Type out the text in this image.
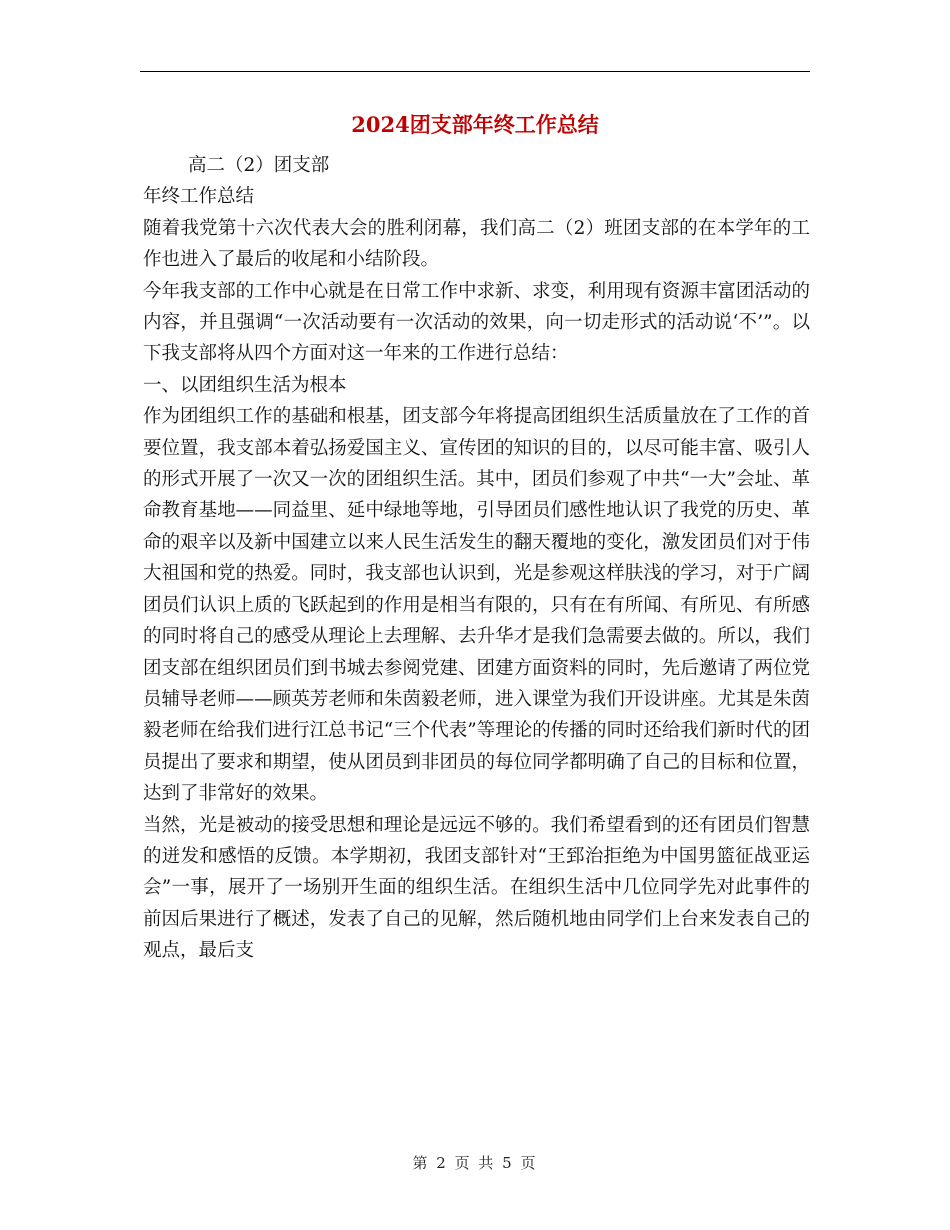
2024团支部年终工作总结

高二（2）团支部

年终工作总结

随着我党第十六次代表大会的胜利闭幕，我们高二（2）班团支部的在本学年的工作也进入了最后的收尾和小结阶段。

今年我支部的工作中心就是在日常工作中求新、求变，利用现有资源丰富团活动的内容，并且强调“一次活动要有一次活动的效果，向一切走形式的活动说‘不’”。以下我支部将从四个方面对这一年来的工作进行总结：

一、以团组织生活为根本

作为团组织工作的基础和根基，团支部今年将提高团组织生活质量放在了工作的首要位置，我支部本着弘扬爱国主义、宣传团的知识的目的，以尽可能丰富、吸引人的形式开展了一次又一次的团组织生活。其中，团员们参观了中共“一大”会址、革命教育基地——同益里、延中绿地等地，引导团员们感性地认识了我党的历史、革命的艰辛以及新中国建立以来人民生活发生的翻天覆地的变化，激发团员们对于伟大祖国和党的热爱。同时，我支部也认识到，光是参观这样肤浅的学习，对于广阔团员们认识上质的飞跃起到的作用是相当有限的，只有在有所闻、有所见、有所感的同时将自己的感受从理论上去理解、去升华才是我们急需要去做的。所以，我们团支部在组织团员们到书城去参阅党建、团建方面资料的同时，先后邀请了两位党员辅导老师——顾英芳老师和朱茵毅老师，进入课堂为我们开设讲座。尤其是朱茵毅老师在给我们进行江总书记“三个代表”等理论的传播的同时还给我们新时代的团员提出了要求和期望，使从团员到非团员的每位同学都明确了自己的目标和位置，达到了非常好的效果。

当然，光是被动的接受思想和理论是远远不够的。我们希望看到的还有团员们智慧的迸发和感悟的反馈。本学期初，我团支部针对“王郅治拒绝为中国男篮征战亚运会”一事，展开了一场别开生面的组织生活。在组织生活中几位同学先对此事件的前因后果进行了概述，发表了自己的见解，然后随机地由同学们上台来发表自己的观点，最后支

第 2 页 共 5 页
